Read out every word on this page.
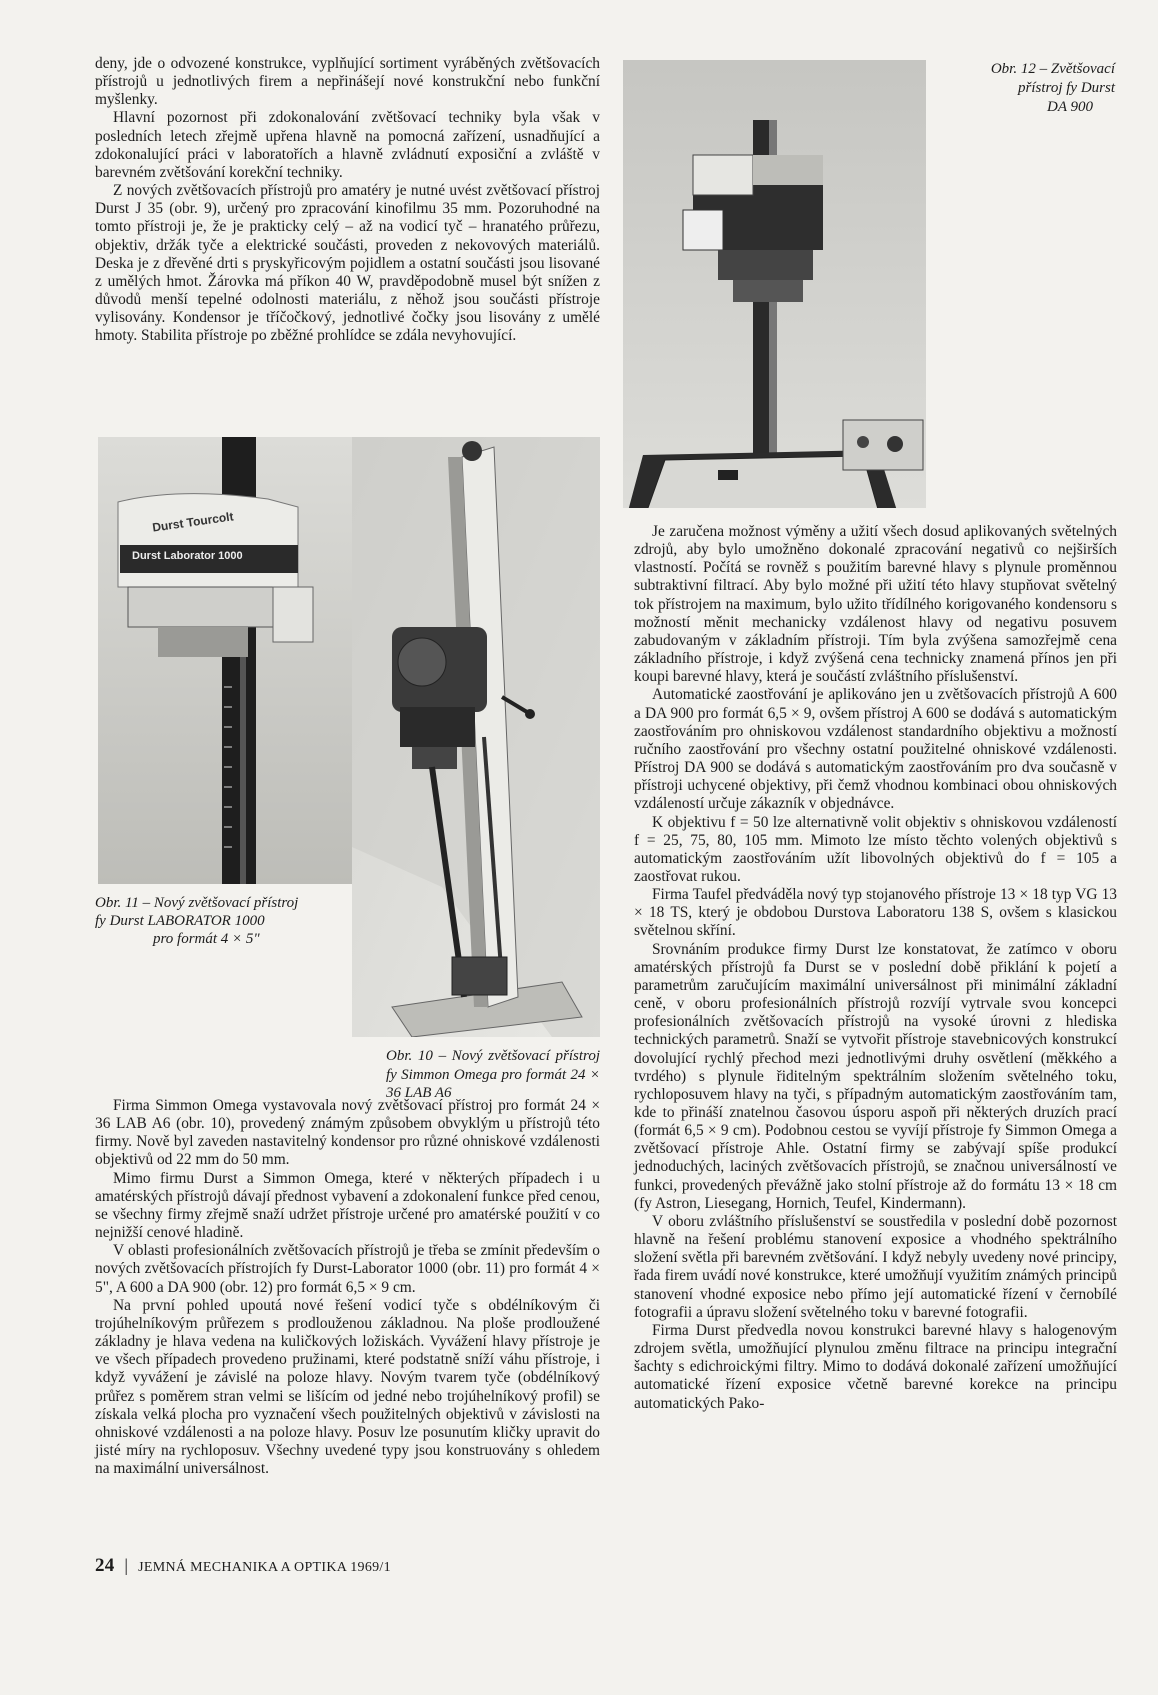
deny, jde o odvozené konstrukce, vyplňující sortiment vyráběných zvětšovacích přístrojů u jednotlivých firem a nepřinášejí nové konstrukční nebo funkční myšlenky.

Hlavní pozornost při zdokonalování zvětšovací techniky byla však v posledních letech zřejmě upřena hlavně na pomocná zařízení, usnadňující a zdokonalující práci v laboratořích a hlavně zvládnutí exposiční a zvláště v barevném zvětšování korekční techniky.

Z nových zvětšovacích přístrojů pro amatéry je nutné uvést zvětšovací přístroj Durst J 35 (obr. 9), určený pro zpracování kinofilmu 35 mm. Pozoruhodné na tomto přístroji je, že je prakticky celý – až na vodicí tyč – hranatého průřezu, objektiv, držák tyče a elektrické součásti, proveden z nekovových materiálů. Deska je z dřevěné drti s pryskyřicovým pojidlem a ostatní součásti jsou lisované z umělých hmot. Žárovka má příkon 40 W, pravděpodobně musel být snížen z důvodů menší tepelné odolnosti materiálu, z něhož jsou součásti přístroje vylisovány. Kondensor je tříčočkový, jednotlivé čočky jsou lisovány z umělé hmoty. Stabilita přístroje po zběžné prohlídce se zdála nevyhovující.

Durst Tourcolt
Durst Laborator 1000
Obr. 11 – Nový zvětšovací přístroj
fy Durst LABORATOR 1000
pro formát 4 × 5"
Obr. 10 – Nový zvětšovací přístroj fy Simmon Omega pro formát 24 × 36 LAB A6

Firma Simmon Omega vystavovala nový zvětšovací přístroj pro formát 24 × 36 LAB A6 (obr. 10), provedený známým způsobem obvyklým u přístrojů této firmy. Nově byl zaveden nastavitelný kondensor pro různé ohniskové vzdálenosti objektivů od 22 mm do 50 mm.

Mimo firmu Durst a Simmon Omega, které v některých případech i u amatérských přístrojů dávají přednost vybavení a zdokonalení funkce před cenou, se všechny firmy zřejmě snaží udržet přístroje určené pro amatérské použití v co nejnižší cenové hladině.

V oblasti profesionálních zvětšovacích přístrojů je třeba se zmínit především o nových zvětšovacích přístrojích fy Durst-Laborator 1000 (obr. 11) pro formát 4 × 5", A 600 a DA 900 (obr. 12) pro formát 6,5 × 9 cm.

Na první pohled upoutá nové řešení vodicí tyče s obdélníkovým či trojúhelníkovým průřezem s prodlouženou základnou. Na ploše prodloužené základny je hlava vedena na kuličkových ložiskách. Vyvážení hlavy přístroje je ve všech případech provedeno pružinami, které podstatně sníží váhu přístroje, i když vyvážení je závislé na poloze hlavy. Novým tvarem tyče (obdélníkový průřez s poměrem stran velmi se lišícím od jedné nebo trojúhelníkový profil) se získala velká plocha pro vyznačení všech použitelných objektivů v závislosti na ohniskové vzdálenosti a na poloze hlavy. Posuv lze posunutím kličky upravit do jisté míry na rychloposuv. Všechny uvedené typy jsou konstruovány s ohledem na maximální universálnost.

Obr. 12 – Zvětšovací
přístroj fy Durst
DA 900

Je zaručena možnost výměny a užití všech dosud aplikovaných světelných zdrojů, aby bylo umožněno dokonalé zpracování negativů co nejširších vlastností. Počítá se rovněž s použitím barevné hlavy s plynule proměnnou subtraktivní filtrací. Aby bylo možné při užití této hlavy stupňovat světelný tok přístrojem na maximum, bylo užito třídílného korigovaného kondensoru s možností měnit mechanicky vzdálenost hlavy od negativu posuvem zabudovaným v základním přístroji. Tím byla zvýšena samozřejmě cena základního přístroje, i když zvýšená cena technicky znamená přínos jen při koupi barevné hlavy, která je součástí zvláštního příslušenství.

Automatické zaostřování je aplikováno jen u zvětšovacích přístrojů A 600 a DA 900 pro formát 6,5 × 9, ovšem přístroj A 600 se dodává s automatickým zaostřováním pro ohniskovou vzdálenost standardního objektivu a možností ručního zaostřování pro všechny ostatní použitelné ohniskové vzdálenosti. Přístroj DA 900 se dodává s automatickým zaostřováním pro dva současně v přístroji uchycené objektivy, při čemž vhodnou kombinaci obou ohniskových vzdáleností určuje zákazník v objednávce.

K objektivu f = 50 lze alternativně volit objektiv s ohniskovou vzdáleností f = 25, 75, 80, 105 mm. Mimoto lze místo těchto volených objektivů s automatickým zaostřováním užít libovolných objektivů do f = 105 a zaostřovat rukou.

Firma Taufel předváděla nový typ stojanového přístroje 13 × 18 typ VG 13 × 18 TS, který je obdobou Durstova Laboratoru 138 S, ovšem s klasickou světelnou skříní.

Srovnáním produkce firmy Durst lze konstatovat, že zatímco v oboru amatérských přístrojů fa Durst se v poslední době přiklání k pojetí a parametrům zaručujícím maximální universálnost při minimální základní ceně, v oboru profesionálních přístrojů rozvíjí vytrvale svou koncepci profesionálních zvětšovacích přístrojů na vysoké úrovni z hlediska technických parametrů. Snaží se vytvořit přístroje stavebnicových konstrukcí dovolující rychlý přechod mezi jednotlivými druhy osvětlení (měkkého a tvrdého) s plynule řiditelným spektrálním složením světelného toku, rychloposuvem hlavy na tyči, s případným automatickým zaostřováním tam, kde to přináší znatelnou časovou úsporu aspoň při některých druzích prací (formát 6,5 × 9 cm). Podobnou cestou se vyvíjí přístroje fy Simmon Omega a zvětšovací přístroje Ahle. Ostatní firmy se zabývají spíše produkcí jednoduchých, laciných zvětšovacích přístrojů, se značnou universálností ve funkci, provedených převážně jako stolní přístroje až do formátu 13 × 18 cm (fy Astron, Liesegang, Hornich, Teufel, Kindermann).

V oboru zvláštního příslušenství se soustředila v poslední době pozornost hlavně na řešení problému stanovení exposice a vhodného spektrálního složení světla při barevném zvětšování. I když nebyly uvedeny nové principy, řada firem uvádí nové konstrukce, které umožňují využitím známých principů stanovení vhodné exposice nebo přímo její automatické řízení v černobílé fotografii a úpravu složení světelného toku v barevné fotografii.

Firma Durst předvedla novou konstrukci barevné hlavy s halogenovým zdrojem světla, umožňující plynulou změnu filtrace na principu integrační šachty s edichroickými filtry. Mimo to dodává dokonalé zařízení umožňující automatické řízení exposice včetně barevné korekce na principu automatických Pako-

24 | JEMNÁ MECHANIKA A OPTIKA 1969/1
